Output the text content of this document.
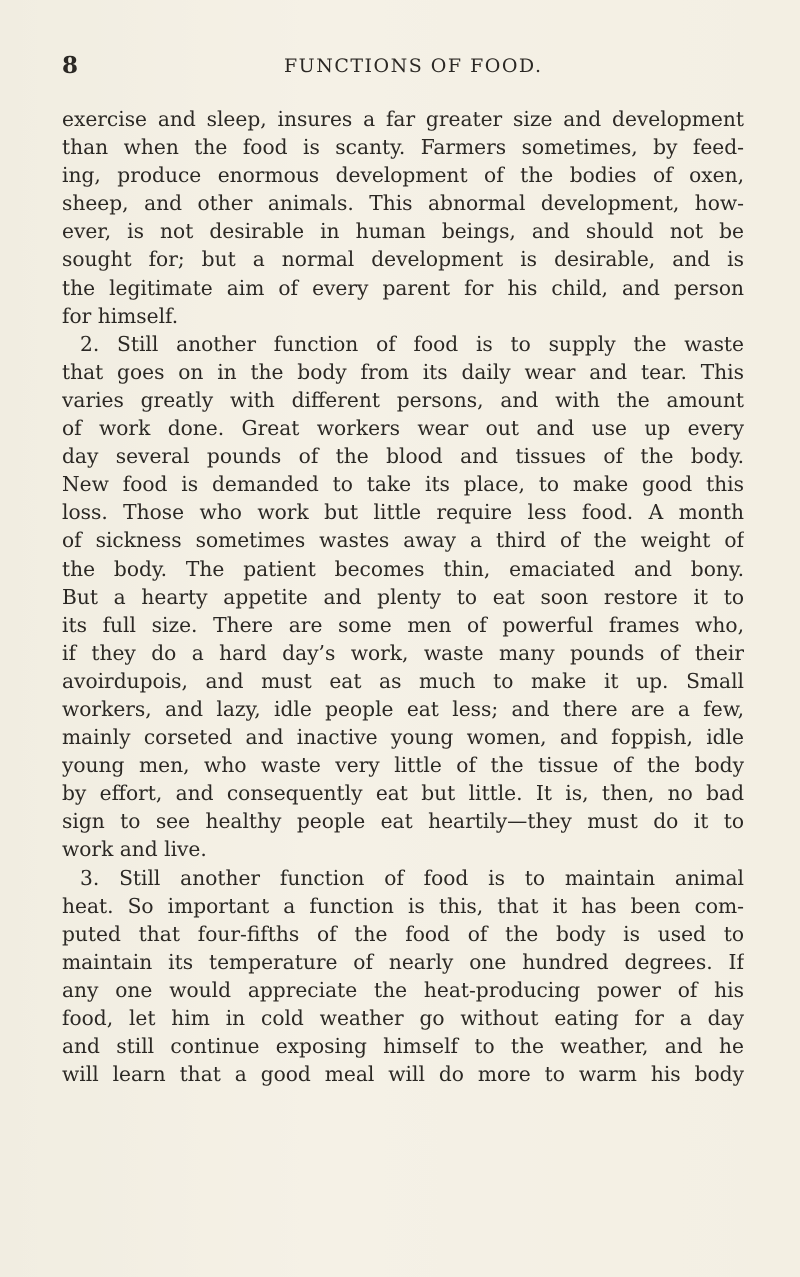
8	FUNCTIONS OF FOOD.
exercise and sleep, insures a far greater size and development
than when the food is scanty. Farmers sometimes, by feed-
ing, produce enormous development of the bodies of oxen,
sheep, and other animals. This abnormal development, how-
ever, is not desirable in human beings, and should not be
sought for; but a normal development is desirable, and is
the legitimate aim of every parent for his child, and person
for himself.
2. Still another function of food is to supply the waste
that goes on in the body from its daily wear and tear. This
varies greatly with different persons, and with the amount
of work done. Great workers wear out and use up every
day several pounds of the blood and tissues of the body.
New food is demanded to take its place, to make good this
loss. Those who work but little require less food. A month
of sickness sometimes wastes away a third of the weight of
the body. The patient becomes thin, emaciated and bony.
But a hearty appetite and plenty to eat soon restore it to
its full size. There are some men of powerful frames who,
if they do a hard day’s work, waste many pounds of their
avoirdupois, and must eat as much to make it up. Small
workers, and lazy, idle people eat less; and there are a few,
mainly corseted and inactive young women, and foppish, idle
young men, who waste very little of the tissue of the body
by effort, and consequently eat but little. It is, then, no bad
sign to see healthy people eat heartily—they must do it to
work and live.
3. Still another function of food is to maintain animal
heat. So important a function is this, that it has been com-
puted that four-fifths of the food of the body is used to
maintain its temperature of nearly one hundred degrees. If
any one would appreciate the heat-producing power of his
food, let him in cold weather go without eating for a day
and still continue exposing himself to the weather, and he
will learn that a good meal will do more to warm his body
